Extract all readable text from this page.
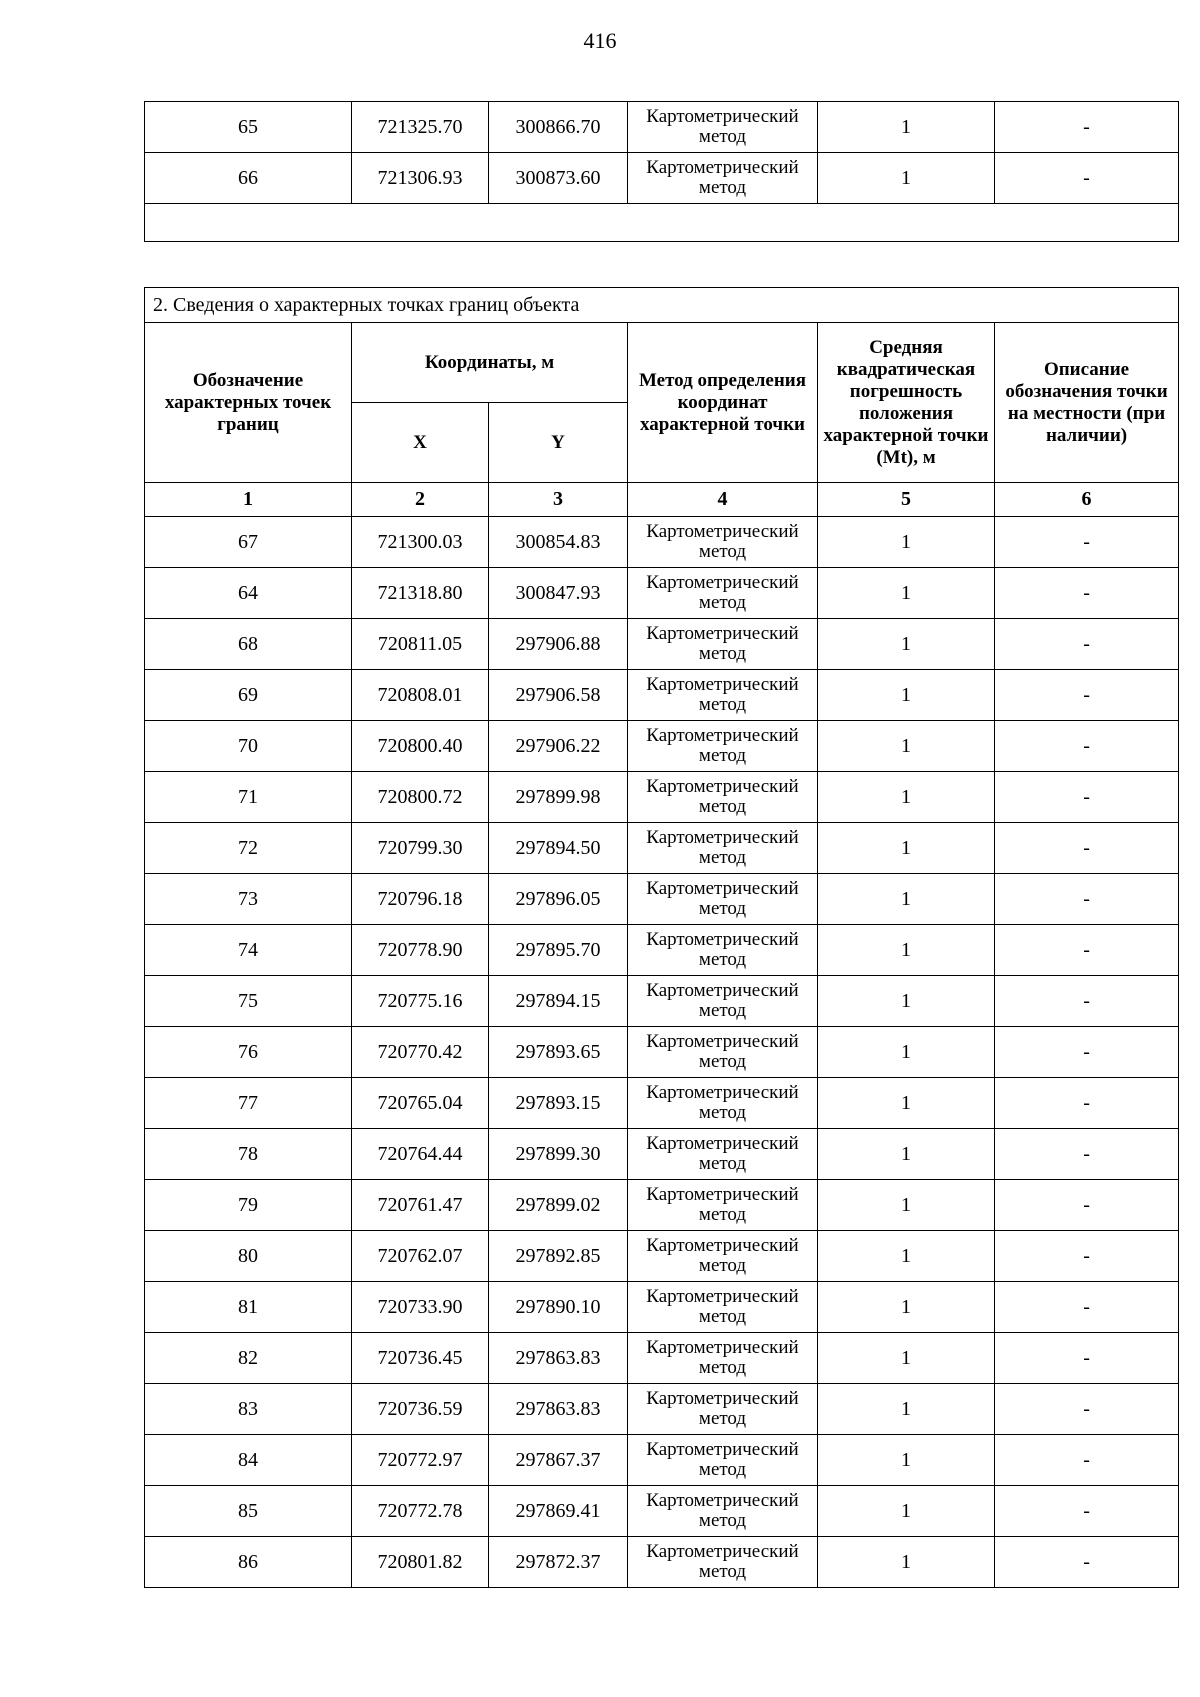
416
65	721325.70	300866.70	Картометрический метод	1	-
66	721306.93	300873.60	Картометрический метод	1	-

2. Сведения о характерных точках границ объекта					
Обозначение характерных точек границ	Координаты, м		Метод определения координат характерной точки	Средняя квадратическая погрешность положения характерной точки (Mt), м	Описание обозначения точки на местности (при наличии)
	X	Y			
1	2	3	4	5	6
67	721300.03	300854.83	Картометрический метод	1	-
64	721318.80	300847.93	Картометрический метод	1	-
68	720811.05	297906.88	Картометрический метод	1	-
69	720808.01	297906.58	Картометрический метод	1	-
70	720800.40	297906.22	Картометрический метод	1	-
71	720800.72	297899.98	Картометрический метод	1	-
72	720799.30	297894.50	Картометрический метод	1	-
73	720796.18	297896.05	Картометрический метод	1	-
74	720778.90	297895.70	Картометрический метод	1	-
75	720775.16	297894.15	Картометрический метод	1	-
76	720770.42	297893.65	Картометрический метод	1	-
77	720765.04	297893.15	Картометрический метод	1	-
78	720764.44	297899.30	Картометрический метод	1	-
79	720761.47	297899.02	Картометрический метод	1	-
80	720762.07	297892.85	Картометрический метод	1	-
81	720733.90	297890.10	Картометрический метод	1	-
82	720736.45	297863.83	Картометрический метод	1	-
83	720736.59	297863.83	Картометрический метод	1	-
84	720772.97	297867.37	Картометрический метод	1	-
85	720772.78	297869.41	Картометрический метод	1	-
86	720801.82	297872.37	Картометрический метод	1	-
